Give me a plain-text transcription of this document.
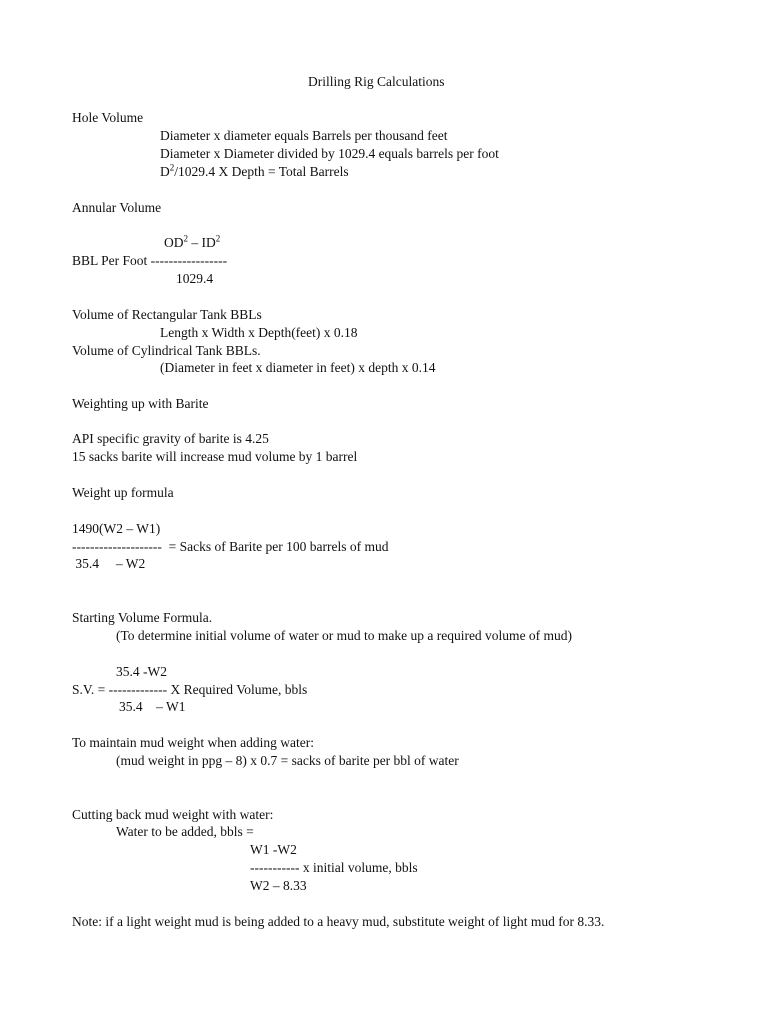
Drilling Rig Calculations
Hole Volume
Diameter x diameter equals Barrels per thousand feet
Diameter x Diameter divided by 1029.4 equals barrels per foot
$D^2/1029.4$ X Depth = Total Barrels
Annular Volume
$OD^2 - ID^2$
BBL Per Foot -----------------
1029.4
Volume of Rectangular Tank BBLs
Length x Width x Depth(feet) x 0.18
Volume of Cylindrical Tank BBLs.
(Diameter in feet x diameter in feet) x depth x 0.14
Weighting up with Barite
API specific gravity of barite is 4.25
15 sacks barite will increase mud volume by 1 barrel
Weight up formula
1490(W2 – W1)
--------------------  = Sacks of Barite per 100 barrels of mud
35.4     – W2
Starting Volume Formula.
(To determine initial volume of water or mud to make up a required volume of mud)
35.4 -W2
S.V. = ------------- X Required Volume, bbls
35.4    – W1
To maintain mud weight when adding water:
(mud weight in ppg – 8) x 0.7 = sacks of barite per bbl of water
Cutting back mud weight with water:
Water to be added, bbls =
W1 -W2
----------- x initial volume, bbls
W2 – 8.33
Note: if a light weight mud is being added to a heavy mud, substitute weight of light mud for 8.33.
